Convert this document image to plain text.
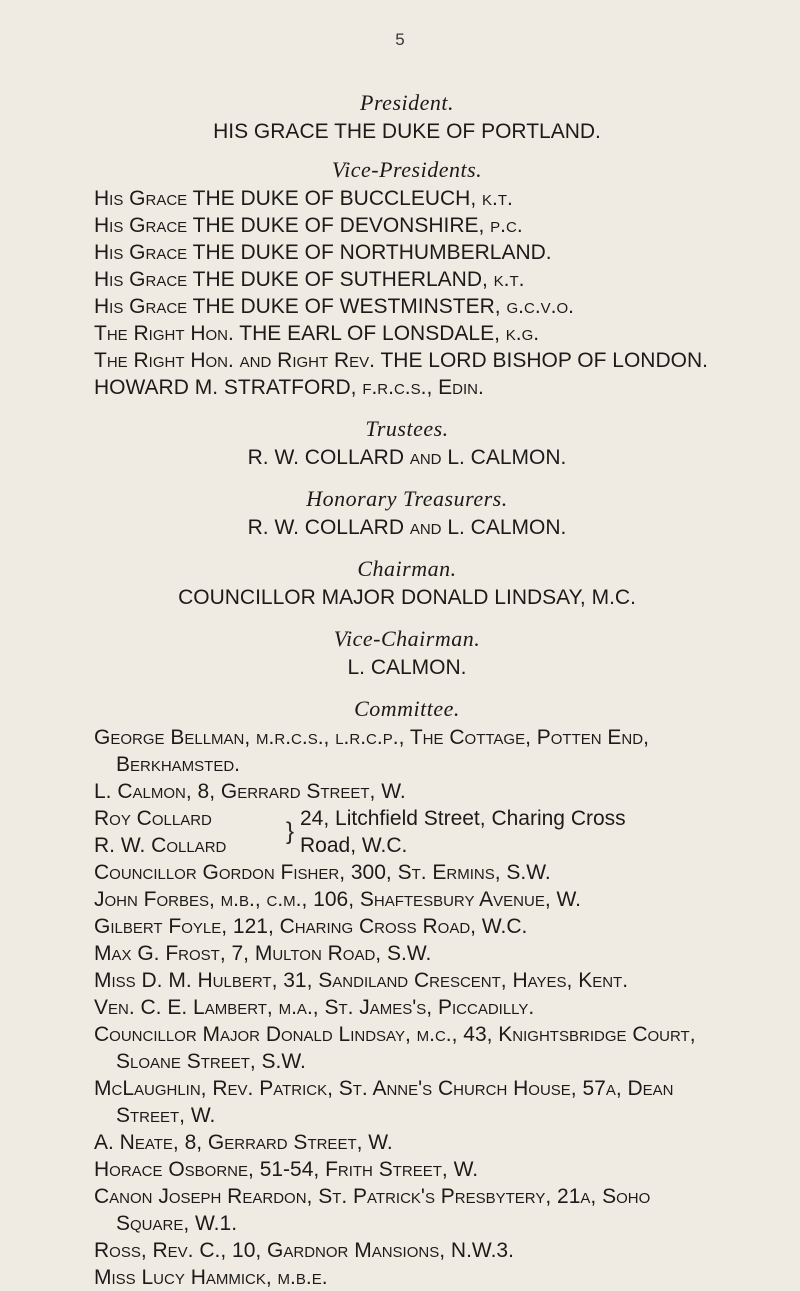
5
President.
HIS GRACE THE DUKE OF PORTLAND.
Vice-Presidents.
His Grace THE DUKE OF BUCCLEUCH, k.t.
His Grace THE DUKE OF DEVONSHIRE, p.c.
His Grace THE DUKE OF NORTHUMBERLAND.
His Grace THE DUKE OF SUTHERLAND, k.t.
His Grace THE DUKE OF WESTMINSTER, g.c.v.o.
The Right Hon. THE EARL OF LONSDALE, k.g.
The Right Hon. and Right Rev. THE LORD BISHOP OF LONDON.
HOWARD M. STRATFORD, f.r.c.s., Edin.
Trustees.
R. W. COLLARD and L. CALMON.
Honorary Treasurers.
R. W. COLLARD and L. CALMON.
Chairman.
COUNCILLOR MAJOR DONALD LINDSAY, M.C.
Vice-Chairman.
L. CALMON.
Committee.
George Bellman, m.r.c.s., l.r.c.p., The Cottage, Potten End, Berkhamsted.
L. Calmon, 8, Gerrard Street, W.
Roy Collard
R. W. Collard
} 24, Litchfield Street, Charing Cross
Road, W.C.
Councillor Gordon Fisher, 300, St. Ermins, S.W.
John Forbes, m.b., c.m., 106, Shaftesbury Avenue, W.
Gilbert Foyle, 121, Charing Cross Road, W.C.
Max G. Frost, 7, Multon Road, S.W.
Miss D. M. Hulbert, 31, Sandiland Crescent, Hayes, Kent.
Ven. C. E. Lambert, m.a., St. James's, Piccadilly.
Councillor Major Donald Lindsay, m.c., 43, Knightsbridge Court, Sloane Street, S.W.
McLaughlin, Rev. Patrick, St. Anne's Church House, 57a, Dean Street, W.
A. Neate, 8, Gerrard Street, W.
Horace Osborne, 51-54, Frith Street, W.
Canon Joseph Reardon, St. Patrick's Presbytery, 21a, Soho Square, W.1.
Ross, Rev. C., 10, Gardnor Mansions, N.W.3.
Miss Lucy Hammick, m.b.e.
